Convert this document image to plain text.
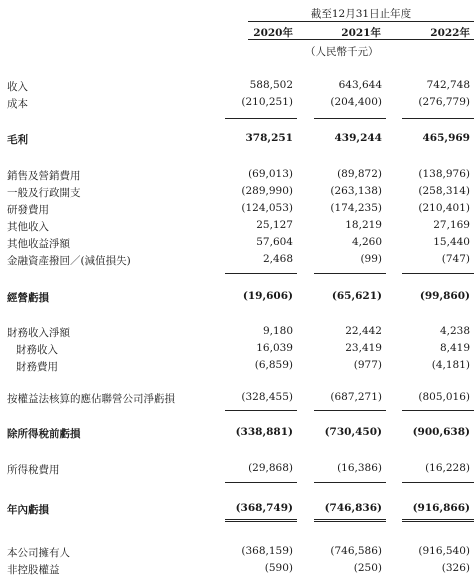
截至12月31日止年度
2020年	2021年	2022年
（人民幣千元）
收入	588,502	643,644	742,748
成本	(210,251)	(204,400)	(276,779)
毛利	378,251	439,244	465,969
銷售及營銷費用	(69,013)	(89,872)	(138,976)
一般及行政開支	(289,990)	(263,138)	(258,314)
研發費用	(124,053)	(174,235)	(210,401)
其他收入	25,127	18,219	27,169
其他收益淨額	57,604	4,260	15,440
金融資產撥回／(減值損失)	2,468	(99)	(747)
經營虧損	(19,606)	(65,621)	(99,860)
財務收入淨額	9,180	22,442	4,238
財務收入	16,039	23,419	8,419
財務費用	(6,859)	(977)	(4,181)
按權益法核算的應佔聯營公司淨虧損	(328,455)	(687,271)	(805,016)
除所得稅前虧損	(338,881)	(730,450)	(900,638)
所得稅費用	(29,868)	(16,386)	(16,228)
年內虧損	(368,749)	(746,836)	(916,866)
本公司擁有人	(368,159)	(746,586)	(916,540)
非控股權益	(590)	(250)	(326)
